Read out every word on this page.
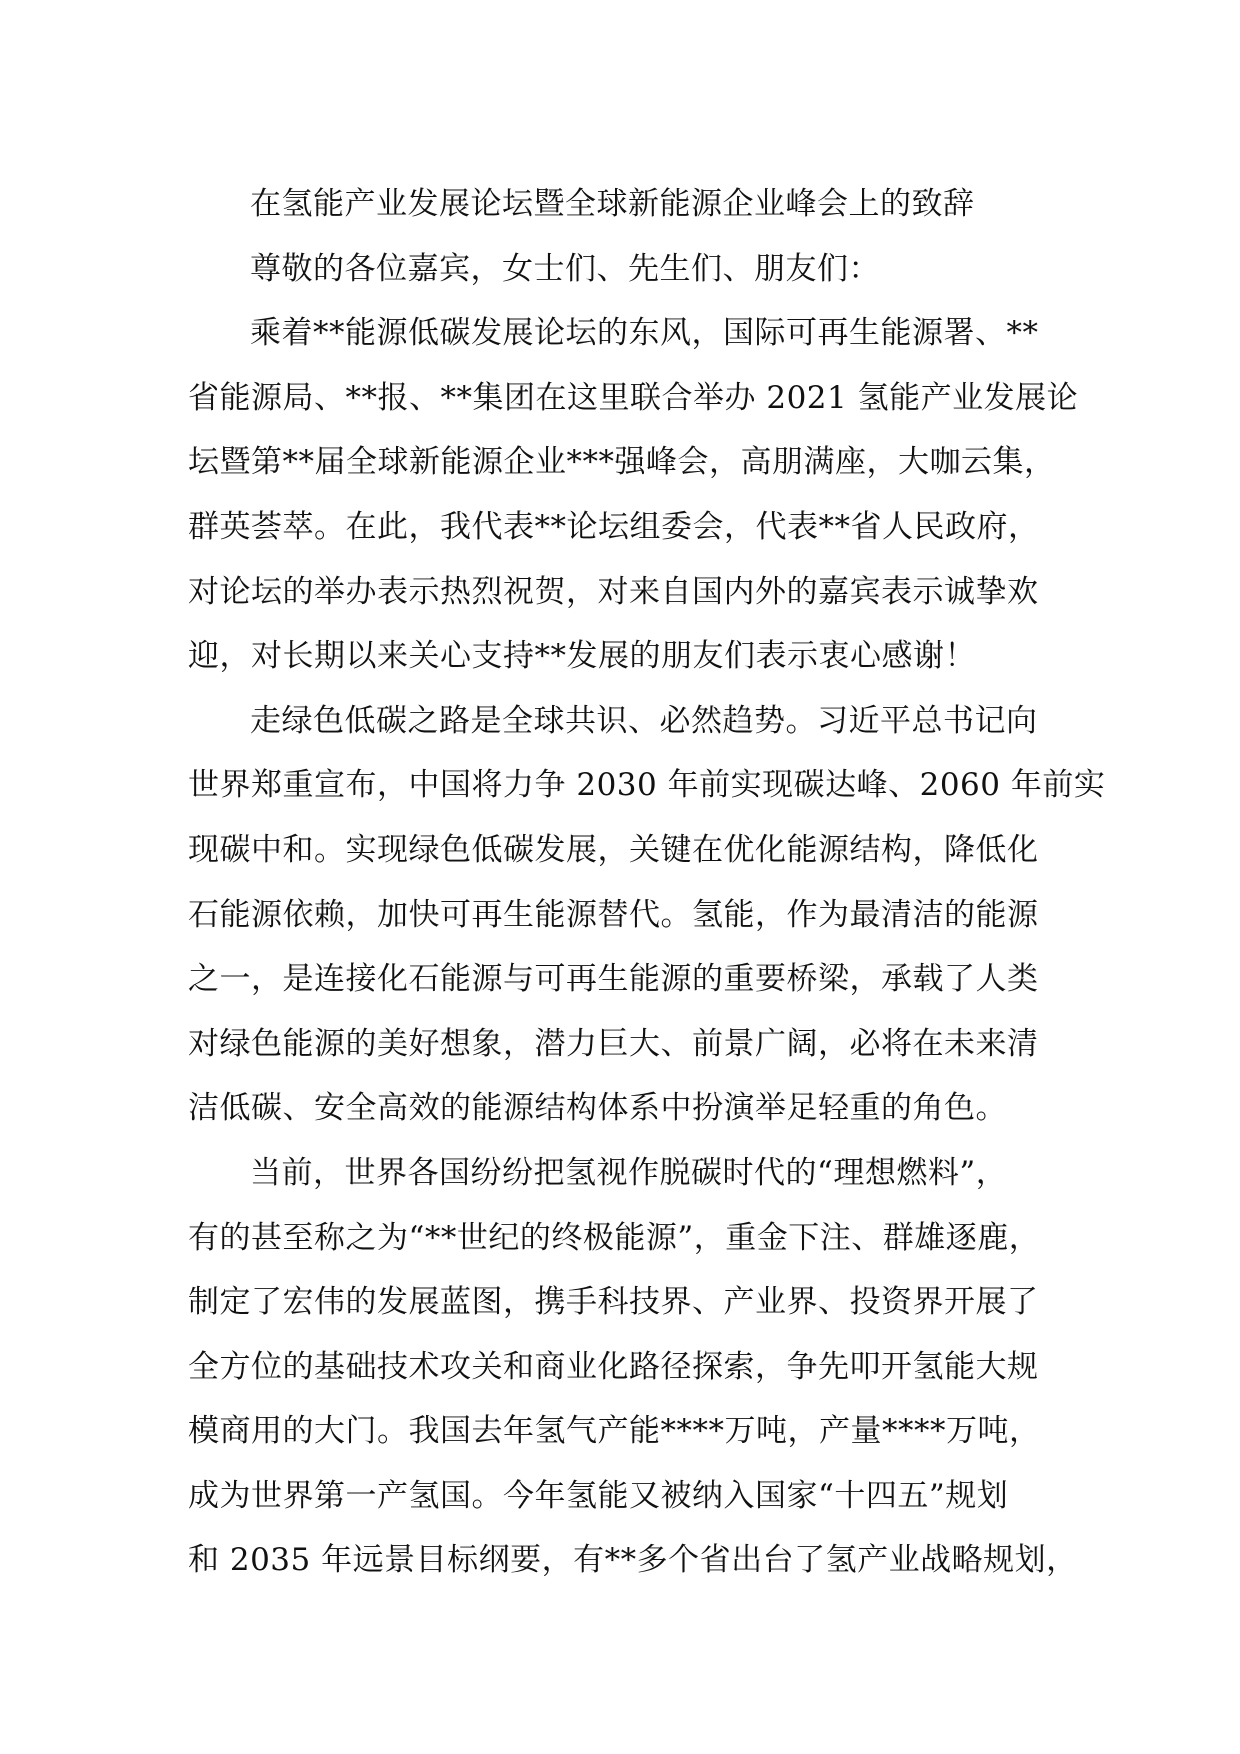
在氢能产业发展论坛暨全球新能源企业峰会上的致辞
尊敬的各位嘉宾，女士们、先生们、朋友们：
乘着**能源低碳发展论坛的东风，国际可再生能源署、**
省能源局、**报、**集团在这里联合举办 2021 氢能产业发展论
坛暨第**届全球新能源企业***强峰会，高朋满座，大咖云集，
群英荟萃。在此，我代表**论坛组委会，代表**省人民政府，
对论坛的举办表示热烈祝贺，对来自国内外的嘉宾表示诚挚欢
迎，对长期以来关心支持**发展的朋友们表示衷心感谢！
走绿色低碳之路是全球共识、必然趋势。习近平总书记向
世界郑重宣布，中国将力争 2030 年前实现碳达峰、2060 年前实
现碳中和。实现绿色低碳发展，关键在优化能源结构，降低化
石能源依赖，加快可再生能源替代。氢能，作为最清洁的能源
之一，是连接化石能源与可再生能源的重要桥梁，承载了人类
对绿色能源的美好想象，潜力巨大、前景广阔，必将在未来清
洁低碳、安全高效的能源结构体系中扮演举足轻重的角色。
当前，世界各国纷纷把氢视作脱碳时代的“理想燃料”，
有的甚至称之为“**世纪的终极能源”，重金下注、群雄逐鹿，
制定了宏伟的发展蓝图，携手科技界、产业界、投资界开展了
全方位的基础技术攻关和商业化路径探索，争先叩开氢能大规
模商用的大门。我国去年氢气产能****万吨，产量****万吨，
成为世界第一产氢国。今年氢能又被纳入国家“十四五”规划
和 2035 年远景目标纲要，有**多个省出台了氢产业战略规划，
